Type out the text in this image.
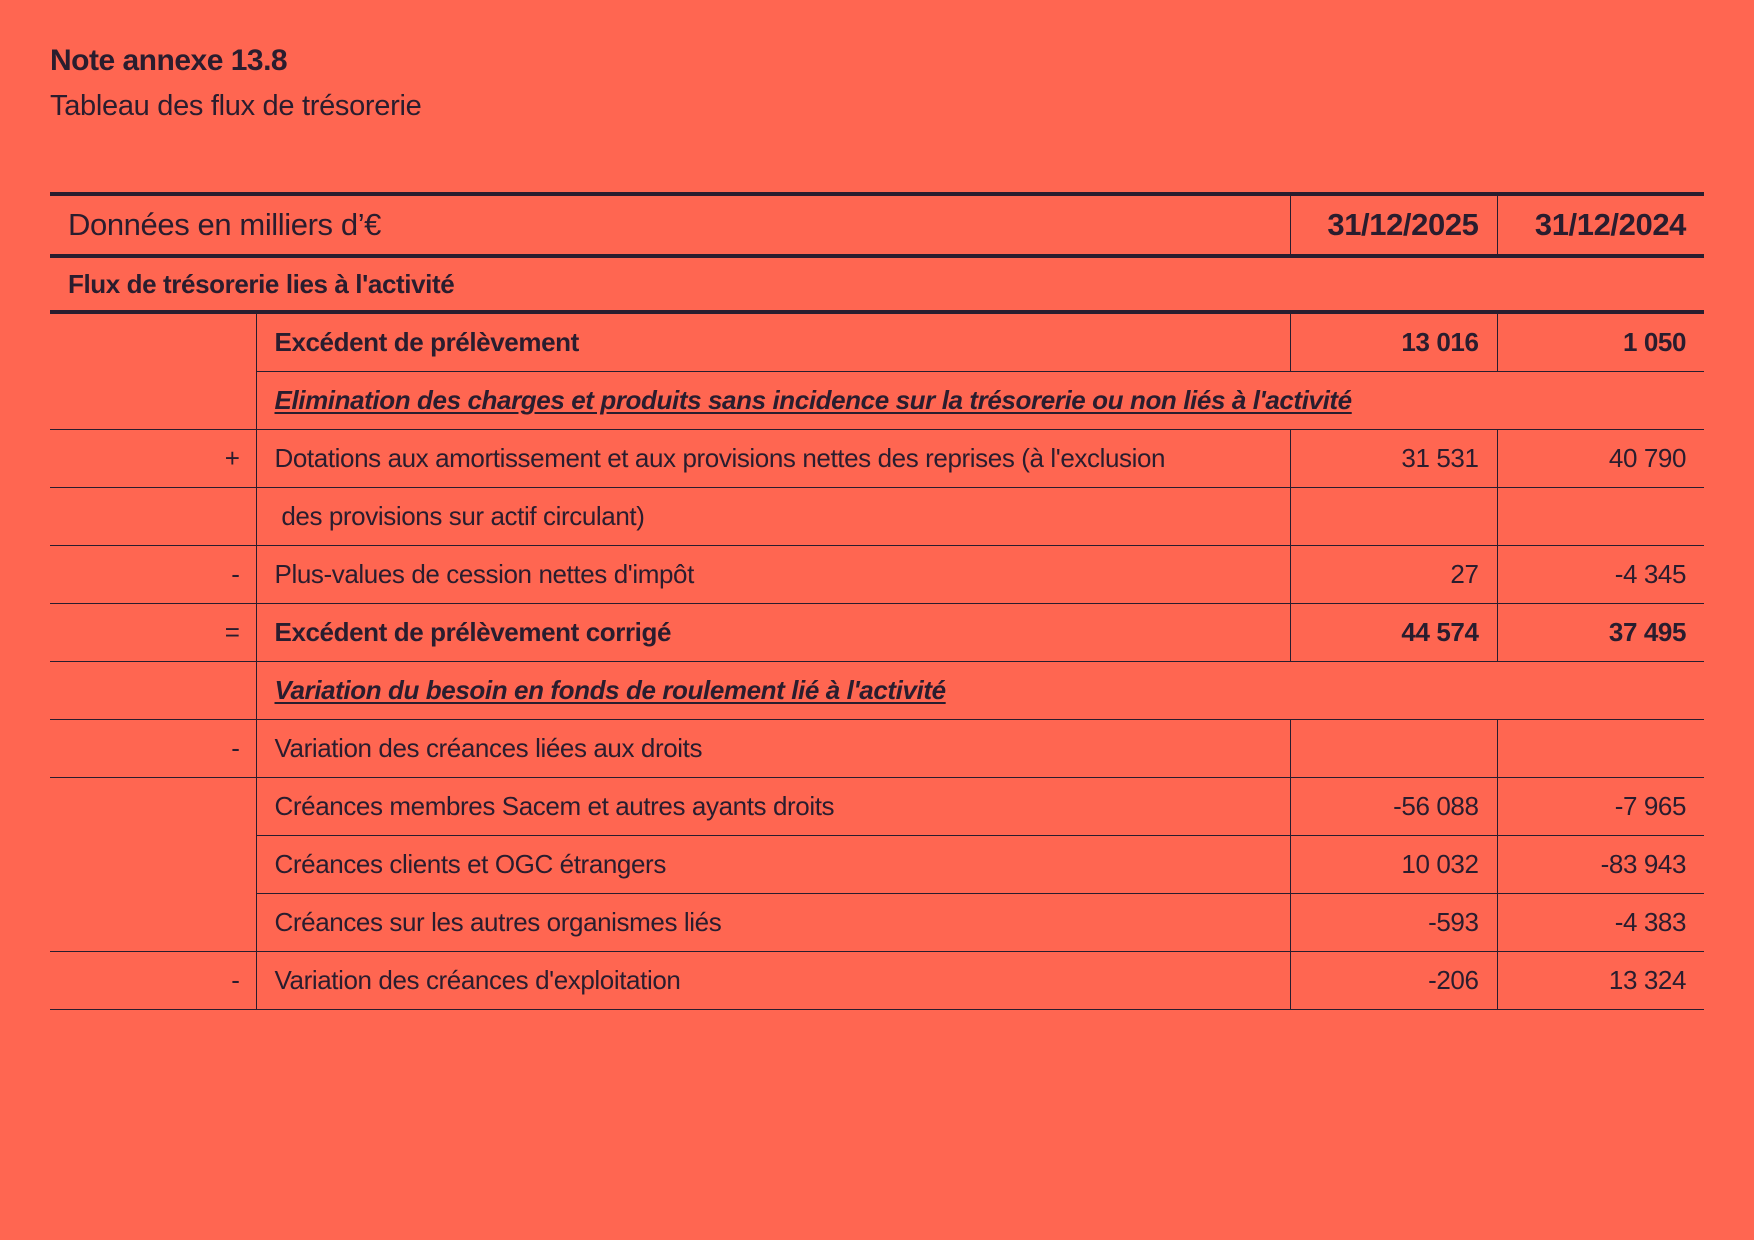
Note annexe 13.8
Tableau des flux de trésorerie
Données en milliers d’€		31/12/2025	31/12/2024
Flux de trésorerie lies à l'activité			
	Excédent de prélèvement	13 016	1 050
	Elimination des charges et produits sans incidence sur la trésorerie ou non liés à l'activité		
+	Dotations aux amortissement et aux provisions nettes des reprises (à l'exclusion	31 531	40 790
	des provisions sur actif circulant)		
-	Plus-values de cession nettes d'impôt	27	-4 345
=	Excédent de prélèvement corrigé	44 574	37 495
	Variation du besoin en fonds de roulement lié à l'activité		
-	Variation des créances liées aux droits		
	Créances membres Sacem et autres ayants droits	-56 088	-7 965
	Créances clients et OGC étrangers	10 032	-83 943
	Créances sur les autres organismes liés	-593	-4 383
-	Variation des créances d'exploitation	-206	13 324
